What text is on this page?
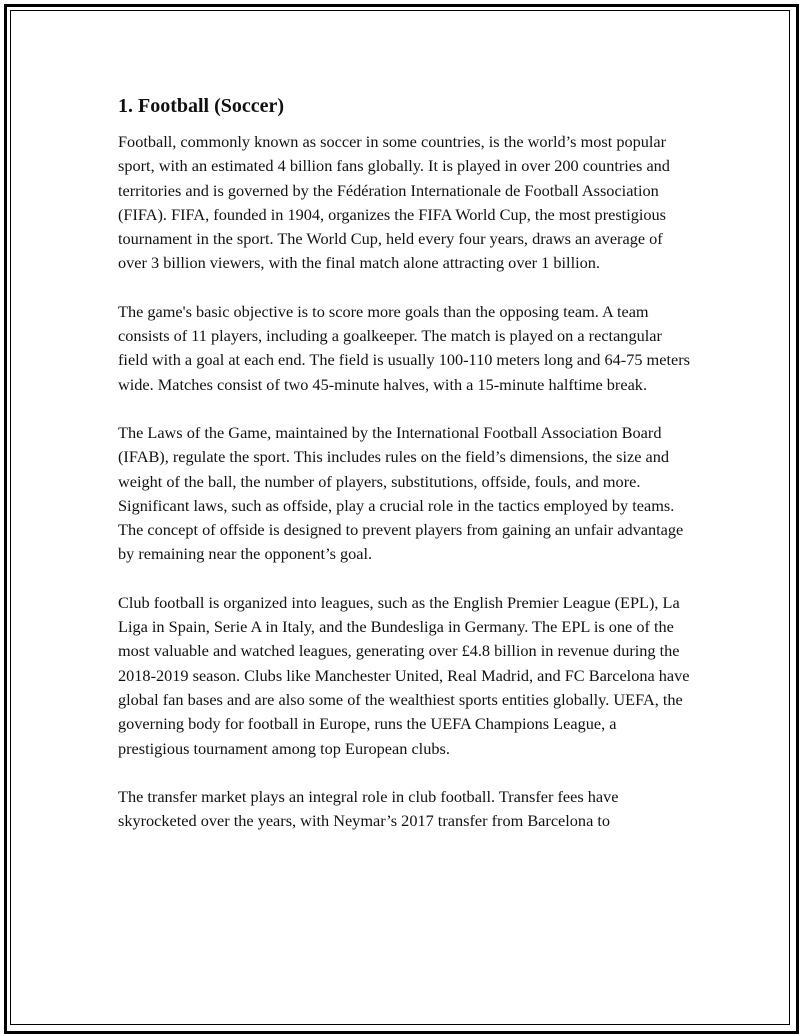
1. Football (Soccer)

Football, commonly known as soccer in some countries, is the world’s most popular sport, with an estimated 4 billion fans globally. It is played in over 200 countries and territories and is governed by the Fédération Internationale de Football Association (FIFA). FIFA, founded in 1904, organizes the FIFA World Cup, the most prestigious tournament in the sport. The World Cup, held every four years, draws an average of over 3 billion viewers, with the final match alone attracting over 1 billion.

The game's basic objective is to score more goals than the opposing team. A team consists of 11 players, including a goalkeeper. The match is played on a rectangular field with a goal at each end. The field is usually 100-110 meters long and 64-75 meters wide. Matches consist of two 45-minute halves, with a 15-minute halftime break.

The Laws of the Game, maintained by the International Football Association Board (IFAB), regulate the sport. This includes rules on the field’s dimensions, the size and weight of the ball, the number of players, substitutions, offside, fouls, and more. Significant laws, such as offside, play a crucial role in the tactics employed by teams. The concept of offside is designed to prevent players from gaining an unfair advantage by remaining near the opponent’s goal.

Club football is organized into leagues, such as the English Premier League (EPL), La Liga in Spain, Serie A in Italy, and the Bundesliga in Germany. The EPL is one of the most valuable and watched leagues, generating over £4.8 billion in revenue during the 2018-2019 season. Clubs like Manchester United, Real Madrid, and FC Barcelona have global fan bases and are also some of the wealthiest sports entities globally. UEFA, the governing body for football in Europe, runs the UEFA Champions League, a prestigious tournament among top European clubs.

The transfer market plays an integral role in club football. Transfer fees have skyrocketed over the years, with Neymar’s 2017 transfer from Barcelona to
